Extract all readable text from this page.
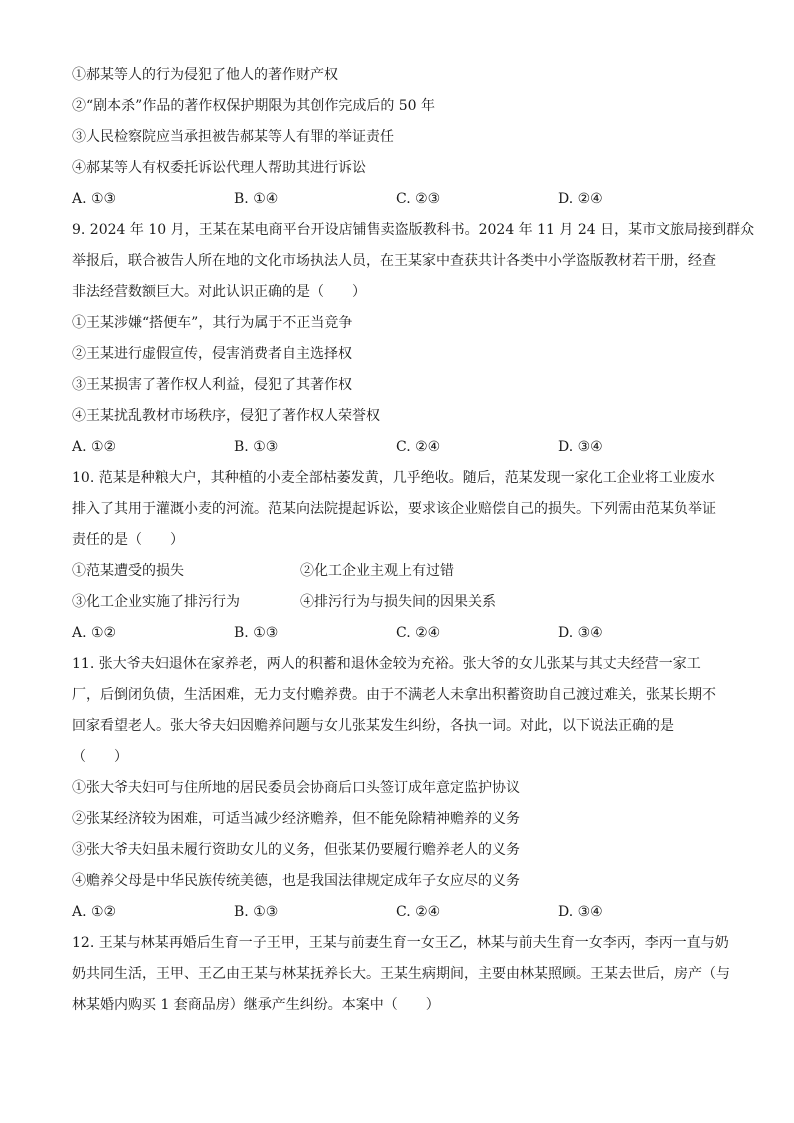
①郝某等人的行为侵犯了他人的著作财产权
②“剧本杀”作品的著作权保护期限为其创作完成后的 50 年
③人民检察院应当承担被告郝某等人有罪的举证责任
④郝某等人有权委托诉讼代理人帮助其进行诉讼
A. ①③	B. ①④	C. ②③	D. ②④
9. 2024 年 10 月，王某在某电商平台开设店铺售卖盗版教科书。2024 年 11 月 24 日，某市文旅局接到群众
举报后，联合被告人所在地的文化市场执法人员，在王某家中查获共计各类中小学盗版教材若干册，经查
非法经营数额巨大。对此认识正确的是（　　）
①王某涉嫌“搭便车”，其行为属于不正当竞争
②王某进行虚假宣传，侵害消费者自主选择权
③王某损害了著作权人利益，侵犯了其著作权
④王某扰乱教材市场秩序，侵犯了著作权人荣誉权
A. ①②	B. ①③	C. ②④	D. ③④
10. 范某是种粮大户，其种植的小麦全部枯萎发黄，几乎绝收。随后，范某发现一家化工企业将工业废水
排入了其用于灌溉小麦的河流。范某向法院提起诉讼，要求该企业赔偿自己的损失。下列需由范某负举证
责任的是（　　）
①范某遭受的损失	②化工企业主观上有过错
③化工企业实施了排污行为	④排污行为与损失间的因果关系
A. ①②	B. ①③	C. ②④	D. ③④
11. 张大爷夫妇退休在家养老，两人的积蓄和退休金较为充裕。张大爷的女儿张某与其丈夫经营一家工
厂，后倒闭负债，生活困难，无力支付赡养费。由于不满老人未拿出积蓄资助自己渡过难关，张某长期不
回家看望老人。张大爷夫妇因赡养问题与女儿张某发生纠纷，各执一词。对此，以下说法正确的是
（　　）
①张大爷夫妇可与住所地的居民委员会协商后口头签订成年意定监护协议
②张某经济较为困难，可适当减少经济赡养，但不能免除精神赡养的义务
③张大爷夫妇虽未履行资助女儿的义务，但张某仍要履行赡养老人的义务
④赡养父母是中华民族传统美德，也是我国法律规定成年子女应尽的义务
A. ①②	B. ①③	C. ②④	D. ③④
12. 王某与林某再婚后生育一子王甲，王某与前妻生育一女王乙，林某与前夫生育一女李丙，李丙一直与奶
奶共同生活，王甲、王乙由王某与林某抚养长大。王某生病期间，主要由林某照顾。王某去世后，房产（与
林某婚内购买 1 套商品房）继承产生纠纷。本案中（　　）
